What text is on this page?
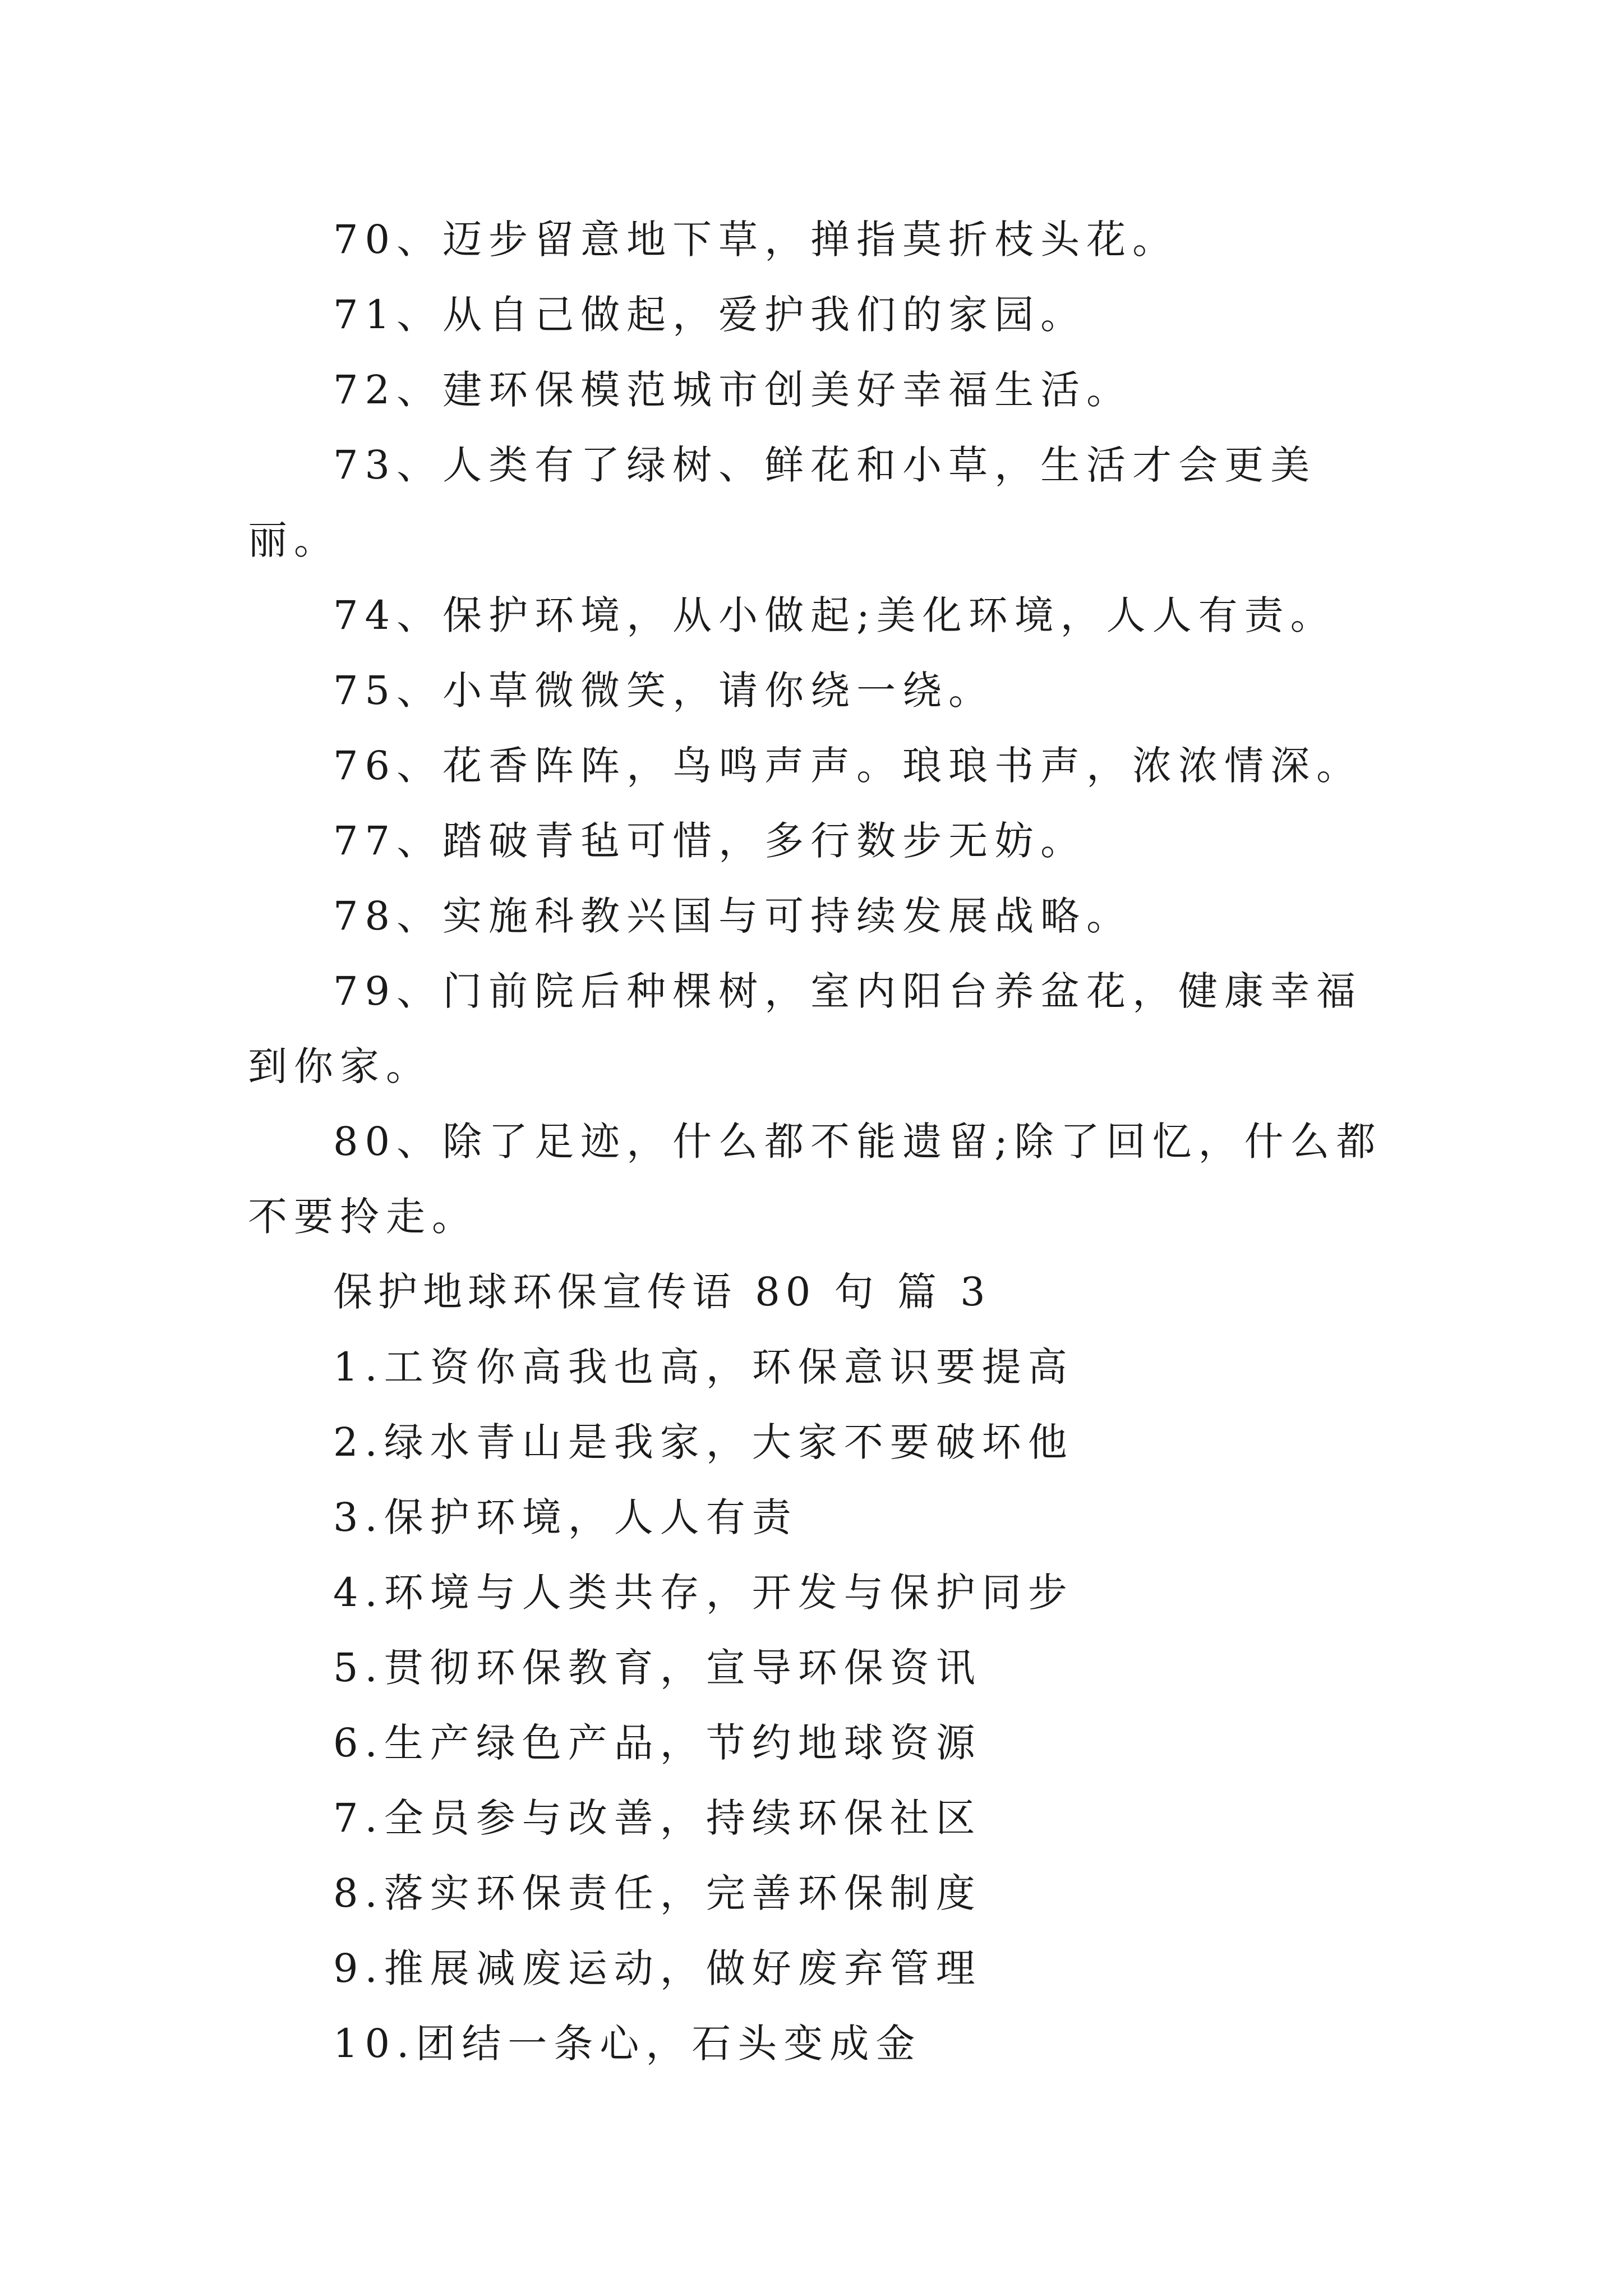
70、迈步留意地下草，掸指莫折枝头花。

71、从自己做起，爱护我们的家园。

72、建环保模范城市创美好幸福生活。

73、人类有了绿树、鲜花和小草，生活才会更美丽。

74、保护环境，从小做起;美化环境，人人有责。

75、小草微微笑，请你绕一绕。

76、花香阵阵，鸟鸣声声。琅琅书声，浓浓情深。

77、踏破青毡可惜，多行数步无妨。

78、实施科教兴国与可持续发展战略。

79、门前院后种棵树，室内阳台养盆花，健康幸福到你家。

80、除了足迹，什么都不能遗留;除了回忆，什么都不要拎走。

保护地球环保宣传语 80 句 篇 3

1.工资你高我也高，环保意识要提高

2.绿水青山是我家，大家不要破坏他

3.保护环境，人人有责

4.环境与人类共存，开发与保护同步

5.贯彻环保教育，宣导环保资讯

6.生产绿色产品，节约地球资源

7.全员参与改善，持续环保社区

8.落实环保责任，完善环保制度

9.推展减废运动，做好废弃管理

10.团结一条心，石头变成金
